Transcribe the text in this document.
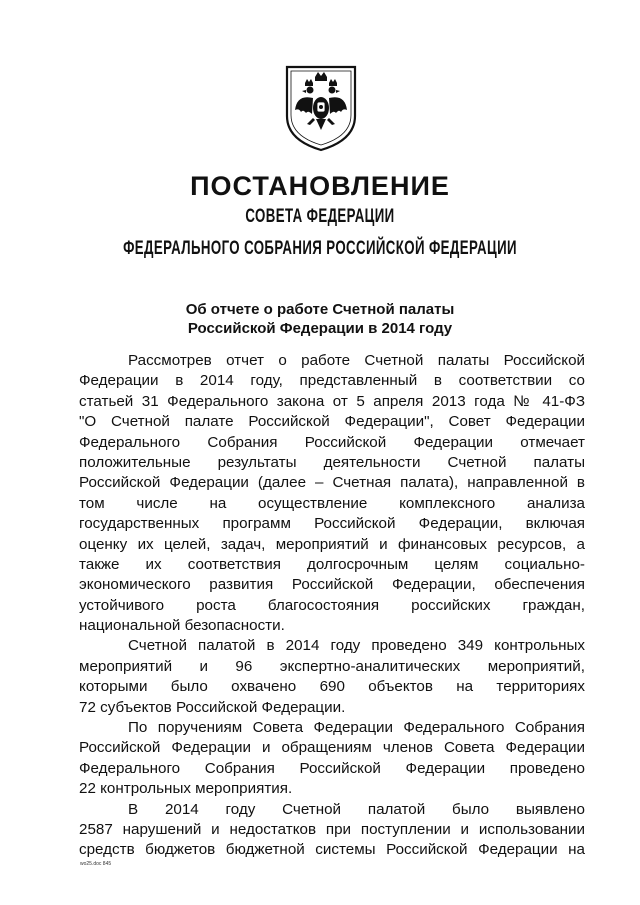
ПОСТАНОВЛЕНИЕ
СОВЕТА ФЕДЕРАЦИИ
ФЕДЕРАЛЬНОГО СОБРАНИЯ РОССИЙСКОЙ ФЕДЕРАЦИИ
Об отчете о работе Счетной палаты
Российской Федерации в 2014 году
Рассмотрев отчет о работе Счетной палаты Российской
Федерации в 2014 году, представленный в соответствии со
статьей 31 Федерального закона от 5 апреля 2013 года № 41-ФЗ
"О Счетной палате Российской Федерации", Совет Федерации
Федерального Собрания Российской Федерации отмечает
положительные результаты деятельности Счетной палаты
Российской Федерации (далее – Счетная палата), направленной в
том числе на осуществление комплексного анализа
государственных программ Российской Федерации, включая
оценку их целей, задач, мероприятий и финансовых ресурсов, а
также их соответствия долгосрочным целям социально-
экономического развития Российской Федерации, обеспечения
устойчивого роста благосостояния российских граждан,
национальной безопасности.
Счетной палатой в 2014 году проведено 349 контрольных
мероприятий и 96 экспертно-аналитических мероприятий,
которыми было охвачено 690 объектов на территориях
72 субъектов Российской Федерации.
По поручениям Совета Федерации Федерального Собрания
Российской Федерации и обращениям членов Совета Федерации
Федерального Собрания Российской Федерации проведено
22 контрольных мероприятия.
В 2014 году Счетной палатой было выявлено
2587 нарушений и недостатков при поступлении и использовании
средств бюджетов бюджетной системы Российской Федерации на
wo25.doc 845
